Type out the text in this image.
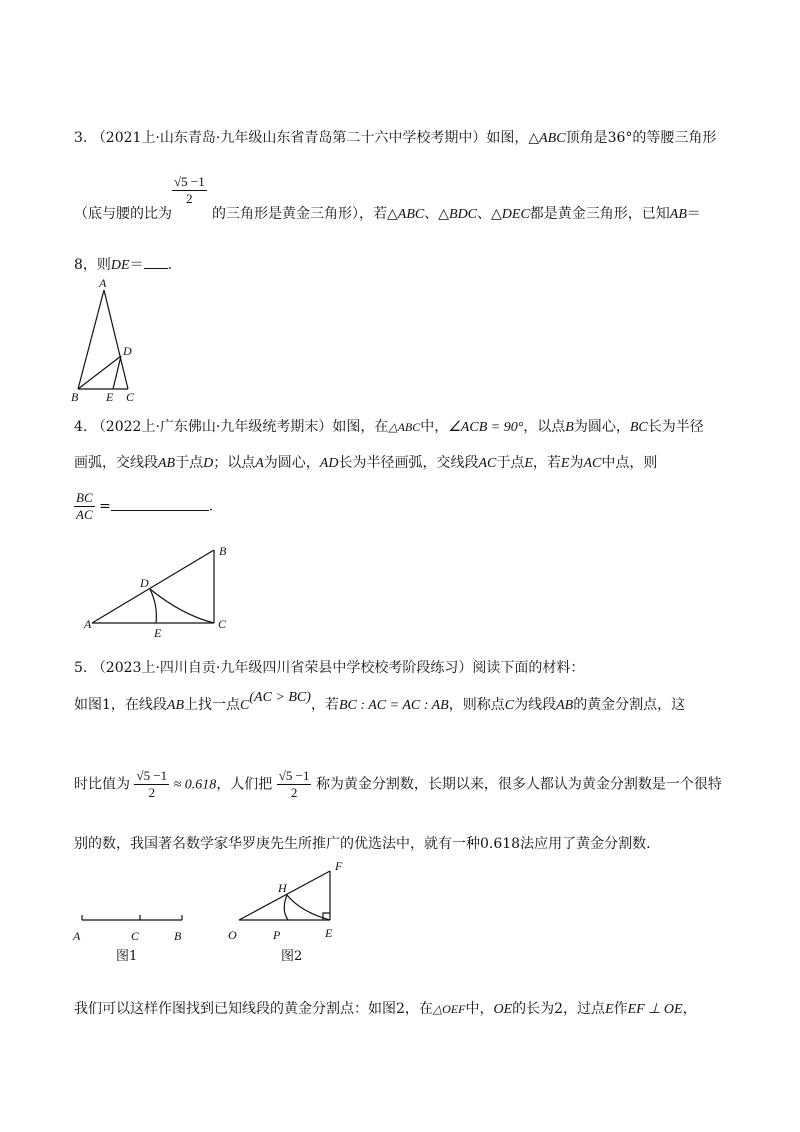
3. （2021上·山东青岛·九年级山东省青岛第二十六中学校考期中）如图，△ABC顶角是36°的等腰三角形
$\frac{√5 -1}{2}$
（底与腰的比为	的三角形是黄金三角形），若△ABC、△BDC、△DEC都是黄金三角形，已知AB＝
8，则DE＝ .
A
D
B E C
4. （2022上·广东佛山·九年级统考期末）如图，在△ABC中，∠ACB = 90°，以点B为圆心，BC长为半径
画弧，交线段AB于点D；以点A为圆心，AD长为半径画弧，交线段AC于点E，若E为AC中点，则
$\frac{BC}{AC}$ =	.
A
B
C
D
E
5. （2023上·四川自贡·九年级四川省荣县中学校校考阶段练习）阅读下面的材料：
如图1，在线段AB上找一点C(AC > BC)，若BC : AC = AC : AB，则称点C为线段AB的黄金分割点，这
时比值为 $\frac{√5 -1}{2} \approx 0.618$，人们把 $\frac{√5 -1}{2}$ 称为黄金分割数，长期以来，很多人都认为黄金分割数是一个很特
别的数，我国著名数学家华罗庚先生所推广的优选法中，就有一种0.618法应用了黄金分割数.
A	C	B
图1
F
H
O	P	E
图2
我们可以这样作图找到已知线段的黄金分割点：如图2，在△OEF中，OE的长为2，过点E作EF ⊥ OE，
